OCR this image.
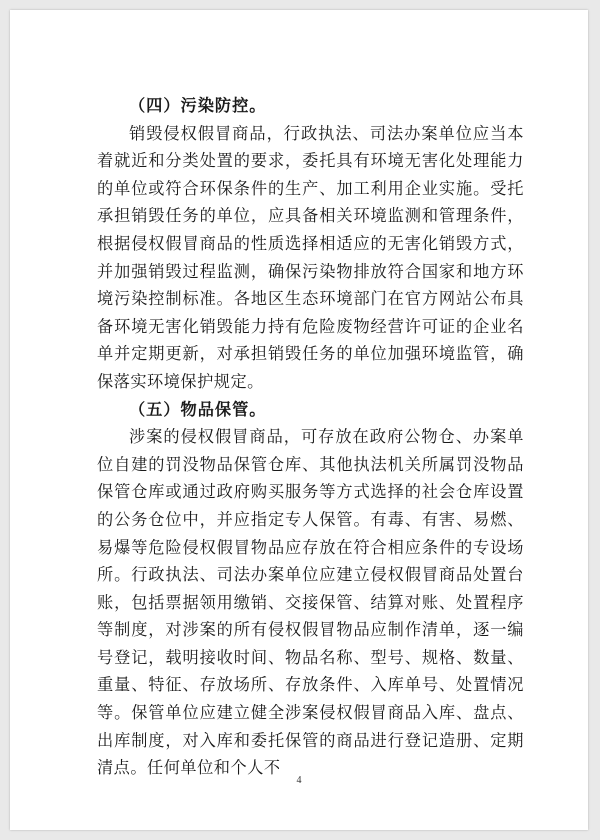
（四）污染防控。

销毁侵权假冒商品，行政执法、司法办案单位应当本着就近和分类处置的要求，委托具有环境无害化处理能力的单位或符合环保条件的生产、加工利用企业实施。受托承担销毁任务的单位，应具备相关环境监测和管理条件，根据侵权假冒商品的性质选择相适应的无害化销毁方式，并加强销毁过程监测，确保污染物排放符合国家和地方环境污染控制标准。各地区生态环境部门在官方网站公布具备环境无害化销毁能力持有危险废物经营许可证的企业名单并定期更新，对承担销毁任务的单位加强环境监管，确保落实环境保护规定。

（五）物品保管。

涉案的侵权假冒商品，可存放在政府公物仓、办案单位自建的罚没物品保管仓库、其他执法机关所属罚没物品保管仓库或通过政府购买服务等方式选择的社会仓库设置的公务仓位中，并应指定专人保管。有毒、有害、易燃、易爆等危险侵权假冒物品应存放在符合相应条件的专设场所。行政执法、司法办案单位应建立侵权假冒商品处置台账，包括票据领用缴销、交接保管、结算对账、处置程序等制度，对涉案的所有侵权假冒物品应制作清单，逐一编号登记，载明接收时间、物品名称、型号、规格、数量、重量、特征、存放场所、存放条件、入库单号、处置情况等。保管单位应建立健全涉案侵权假冒商品入库、盘点、出库制度，对入库和委托保管的商品进行登记造册、定期清点。任何单位和个人不

4
